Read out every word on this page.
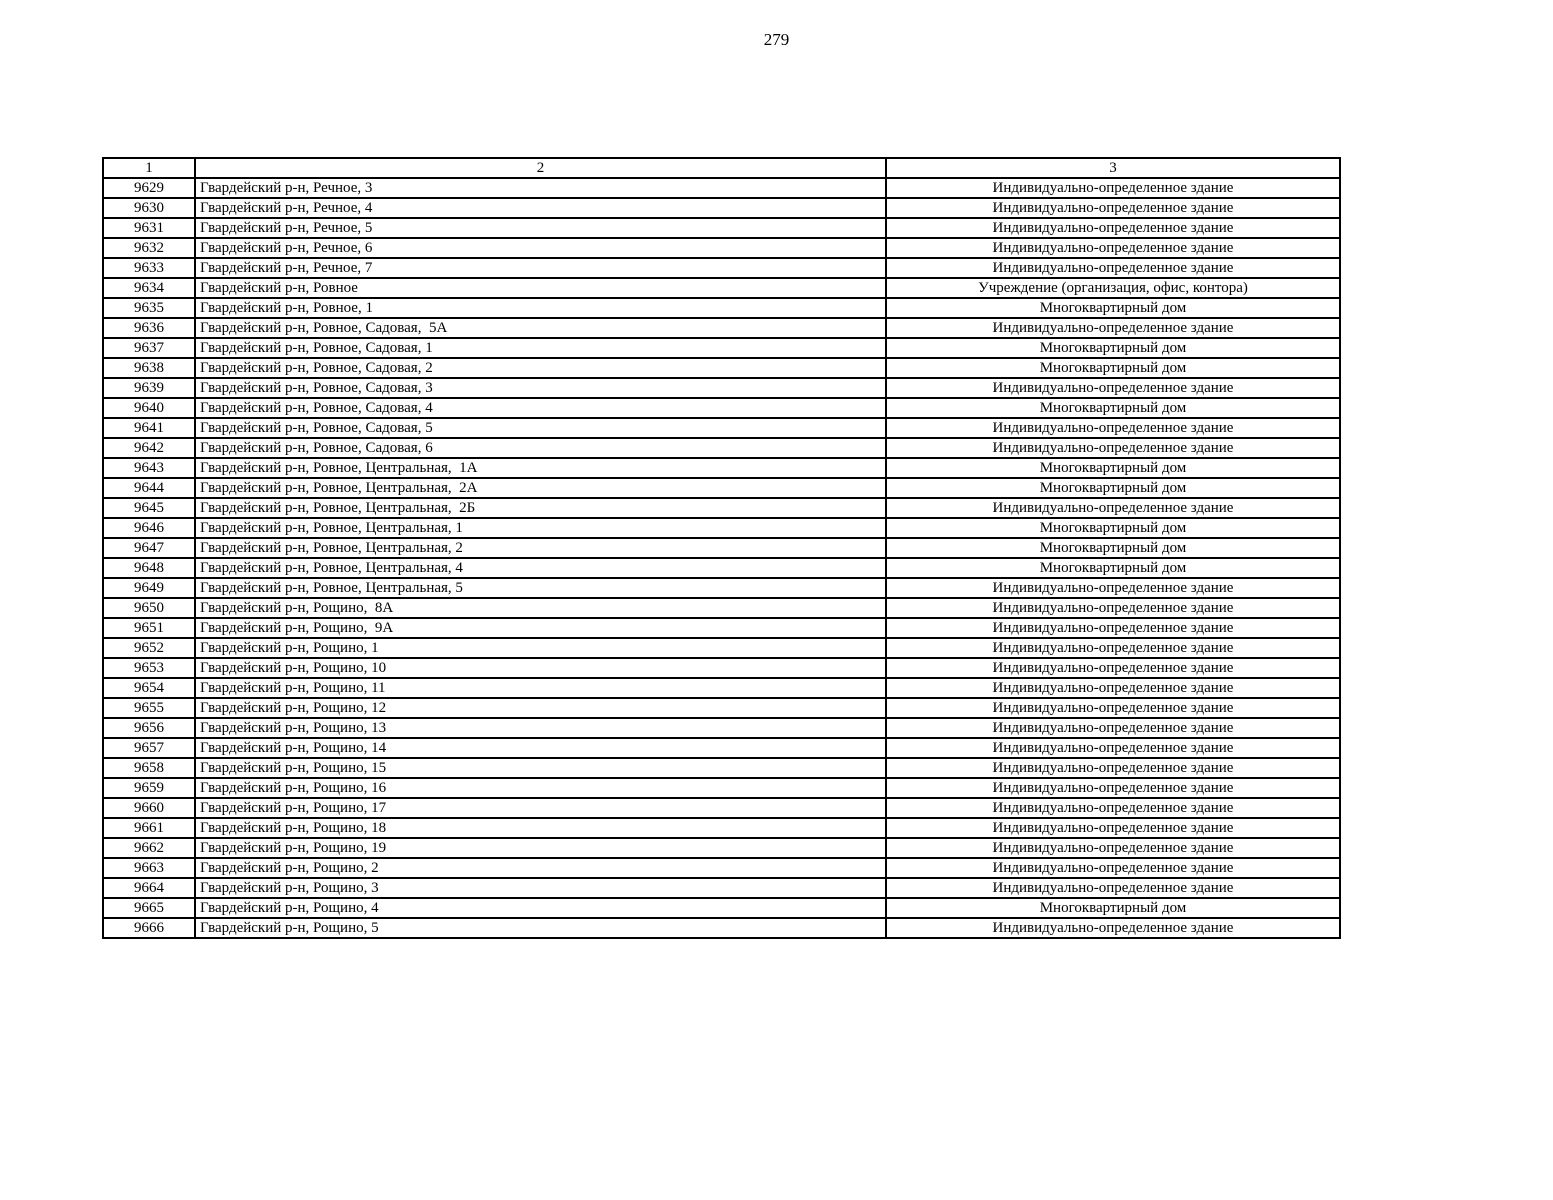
279
1	2	3
9629	Гвардейский р-н, Речное, 3	Индивидуально-определенное здание
9630	Гвардейский р-н, Речное, 4	Индивидуально-определенное здание
9631	Гвардейский р-н, Речное, 5	Индивидуально-определенное здание
9632	Гвардейский р-н, Речное, 6	Индивидуально-определенное здание
9633	Гвардейский р-н, Речное, 7	Индивидуально-определенное здание
9634	Гвардейский р-н, Ровное	Учреждение (организация, офис, контора)
9635	Гвардейский р-н, Ровное, 1	Многоквартирный дом
9636	Гвардейский р-н, Ровное, Садовая,  5А	Индивидуально-определенное здание
9637	Гвардейский р-н, Ровное, Садовая, 1	Многоквартирный дом
9638	Гвардейский р-н, Ровное, Садовая, 2	Многоквартирный дом
9639	Гвардейский р-н, Ровное, Садовая, 3	Индивидуально-определенное здание
9640	Гвардейский р-н, Ровное, Садовая, 4	Многоквартирный дом
9641	Гвардейский р-н, Ровное, Садовая, 5	Индивидуально-определенное здание
9642	Гвардейский р-н, Ровное, Садовая, 6	Индивидуально-определенное здание
9643	Гвардейский р-н, Ровное, Центральная,  1А	Многоквартирный дом
9644	Гвардейский р-н, Ровное, Центральная,  2А	Многоквартирный дом
9645	Гвардейский р-н, Ровное, Центральная,  2Б	Индивидуально-определенное здание
9646	Гвардейский р-н, Ровное, Центральная, 1	Многоквартирный дом
9647	Гвардейский р-н, Ровное, Центральная, 2	Многоквартирный дом
9648	Гвардейский р-н, Ровное, Центральная, 4	Многоквартирный дом
9649	Гвардейский р-н, Ровное, Центральная, 5	Индивидуально-определенное здание
9650	Гвардейский р-н, Рощино,  8А	Индивидуально-определенное здание
9651	Гвардейский р-н, Рощино,  9А	Индивидуально-определенное здание
9652	Гвардейский р-н, Рощино, 1	Индивидуально-определенное здание
9653	Гвардейский р-н, Рощино, 10	Индивидуально-определенное здание
9654	Гвардейский р-н, Рощино, 11	Индивидуально-определенное здание
9655	Гвардейский р-н, Рощино, 12	Индивидуально-определенное здание
9656	Гвардейский р-н, Рощино, 13	Индивидуально-определенное здание
9657	Гвардейский р-н, Рощино, 14	Индивидуально-определенное здание
9658	Гвардейский р-н, Рощино, 15	Индивидуально-определенное здание
9659	Гвардейский р-н, Рощино, 16	Индивидуально-определенное здание
9660	Гвардейский р-н, Рощино, 17	Индивидуально-определенное здание
9661	Гвардейский р-н, Рощино, 18	Индивидуально-определенное здание
9662	Гвардейский р-н, Рощино, 19	Индивидуально-определенное здание
9663	Гвардейский р-н, Рощино, 2	Индивидуально-определенное здание
9664	Гвардейский р-н, Рощино, 3	Индивидуально-определенное здание
9665	Гвардейский р-н, Рощино, 4	Многоквартирный дом
9666	Гвардейский р-н, Рощино, 5	Индивидуально-определенное здание
